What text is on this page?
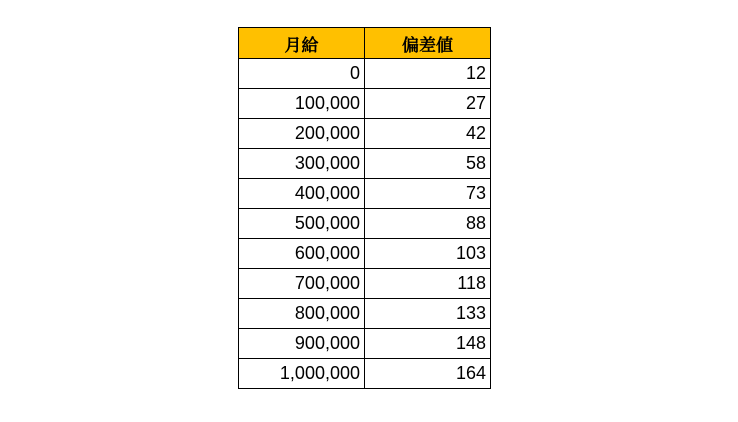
月給	偏差値
0	12
100,000	27
200,000	42
300,000	58
400,000	73
500,000	88
600,000	103
700,000	118
800,000	133
900,000	148
1,000,000	164
